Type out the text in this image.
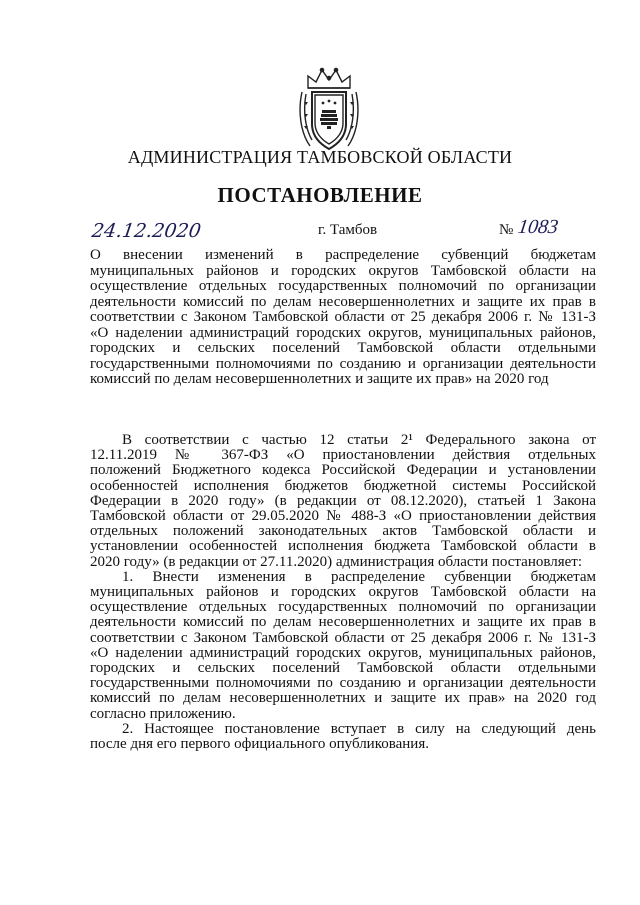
АДМИНИСТРАЦИЯ ТАМБОВСКОЙ ОБЛАСТИ
ПОСТАНОВЛЕНИЕ
24.12.2020	г. Тамбов	№ 1083
О внесении изменений в распределение субвенций бюджетам
муниципальных районов и городских округов Тамбовской области на
осуществление отдельных государственных полномочий по организации
деятельности комиссий по делам несовершеннолетних и защите их прав в
соответствии с Законом Тамбовской области от 25 декабря 2006 г. № 131-З
«О наделении администраций городских округов, муниципальных районов,
городских и сельских поселений Тамбовской области отдельными
государственными полномочиями по созданию и организации деятельности
комиссий по делам несовершеннолетних и защите их прав» на 2020 год
В соответствии с частью 12 статьи 2¹ Федерального закона от
12.11.2019 № 367-ФЗ «О приостановлении действия отдельных
положений Бюджетного кодекса Российской Федерации и установлении
особенностей исполнения бюджетов бюджетной системы Российской
Федерации в 2020 году» (в редакции от 08.12.2020), статьей 1 Закона
Тамбовской области от 29.05.2020 № 488-З «О приостановлении действия
отдельных положений законодательных актов Тамбовской области и
установлении особенностей исполнения бюджета Тамбовской области в
2020 году» (в редакции от 27.11.2020) администрация области постановляет:
1. Внести изменения в распределение субвенции бюджетам
муниципальных районов и городских округов Тамбовской области на
осуществление отдельных государственных полномочий по организации
деятельности комиссий по делам несовершеннолетних и защите их прав в
соответствии с Законом Тамбовской области от 25 декабря 2006 г. № 131-З
«О наделении администраций городских округов, муниципальных районов,
городских и сельских поселений Тамбовской области отдельными
государственными полномочиями по созданию и организации деятельности
комиссий по делам несовершеннолетних и защите их прав» на 2020 год
согласно приложению.
2. Настоящее постановление вступает в силу на следующий день
после дня его первого официального опубликования.
